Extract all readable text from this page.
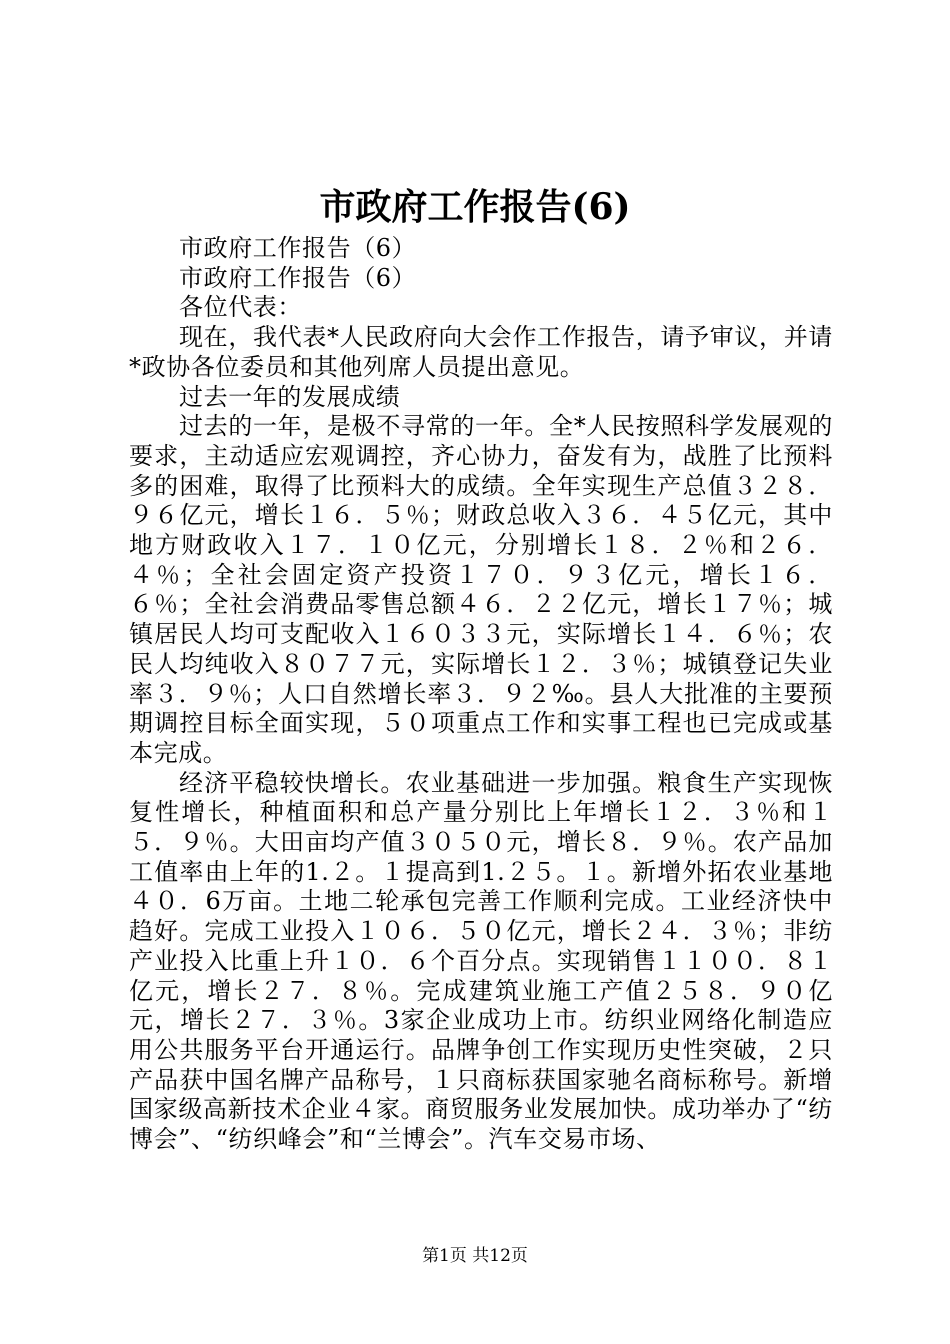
市政府工作报告(6)

市政府工作报告（6）

市政府工作报告（6）

各位代表：

现在，我代表*人民政府向大会作工作报告，请予审议，并请*政协各位委员和其他列席人员提出意见。

过去一年的发展成绩

过去的一年，是极不寻常的一年。全*人民按照科学发展观的要求，主动适应宏观调控，齐心协力，奋发有为，战胜了比预料多的困难，取得了比预料大的成绩。全年实现生产总值３２８．９６亿元，增长１６．５％；财政总收入３６．４５亿元，其中地方财政收入１７．１０亿元，分别增长１８．２％和２６．４％；全社会固定资产投资１７０．９３亿元，增长１６．６％；全社会消费品零售总额４６．２２亿元，增长１７％；城镇居民人均可支配收入１６０３３元，实际增长１４．６％；农民人均纯收入８０７７元，实际增长１２．３％；城镇登记失业率３．９％；人口自然增长率３．９２‰。县人大批准的主要预期调控目标全面实现，５０项重点工作和实事工程也已完成或基本完成。

经济平稳较快增长。农业基础进一步加强。粮食生产实现恢复性增长，种植面积和总产量分别比上年增长１２．３％和１５．９％。大田亩均产值３０５０元，增长８．９％。农产品加工值率由上年的1.２。１提高到1.２５。１。新增外拓农业基地４０．6万亩。土地二轮承包完善工作顺利完成。工业经济快中趋好。完成工业投入１０６．５０亿元，增长２４．３％；非纺产业投入比重上升１０．６个百分点。实现销售１１００．８１亿元，增长２７．８％。完成建筑业施工产值２５８．９０亿元，增长２７．３％。3家企业成功上市。纺织业网络化制造应用公共服务平台开通运行。品牌争创工作实现历史性突破，２只产品获中国名牌产品称号，１只商标获国家驰名商标称号。新增国家级高新技术企业４家。商贸服务业发展加快。成功举办了“纺博会”、“纺织峰会”和“兰博会”。汽车交易市场、

第1页 共12页
